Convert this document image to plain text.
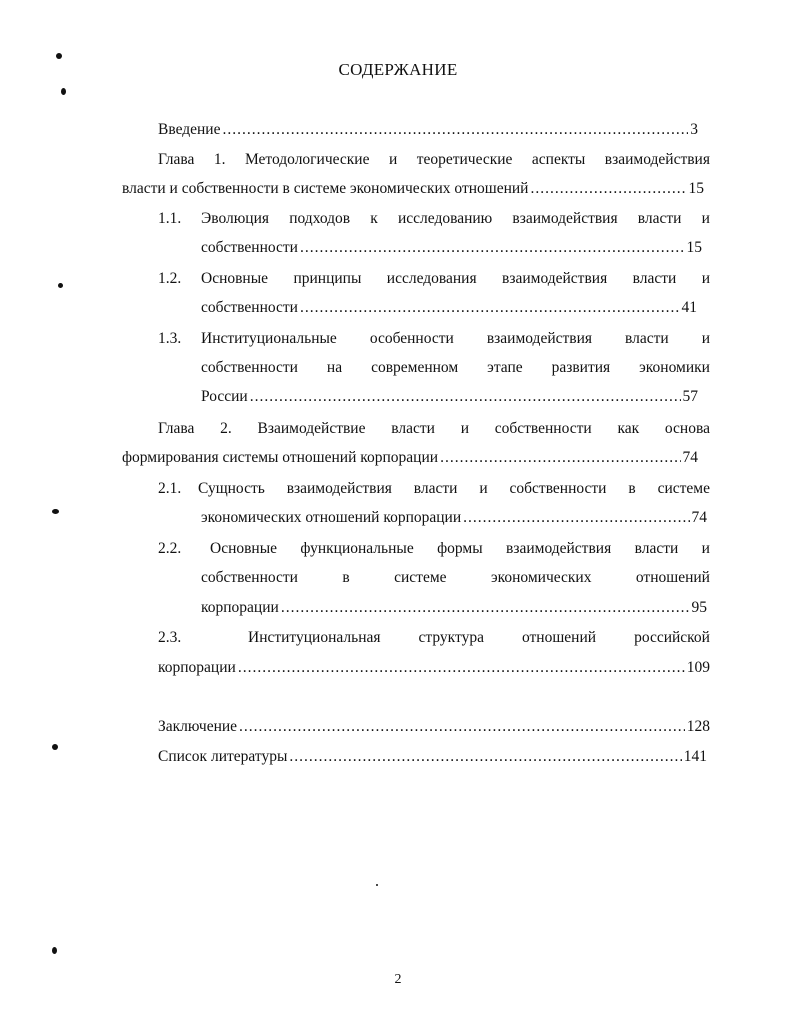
СОДЕРЖАНИЕ
Введение .....	3
Глава 1. Методологические и теоретические аспекты взаимодействия
власти и собственности в системе экономических отношений .....	15
1.1. Эволюция подходов к исследованию взаимодействия власти и
собственности .....	15
1.2. Основные принципы исследования взаимодействия власти и
собственности .....	41
1.3. Институциональные особенности взаимодействия власти и
собственности на современном этапе развития экономики
России .....	57
Глава 2. Взаимодействие власти и собственности как основа
формирования системы отношений корпорации .....	74
2.1. Сущность взаимодействия власти и собственности в системе
экономических отношений корпорации .....	74
2.2. Основные функциональные формы взаимодействия власти и
собственности	в	системе	экономических	отношений
корпорации .....	95
2.3.	Институциональная структура отношений российской
корпорации .....	109
Заключение .....	128
Список литературы .....	141
2
